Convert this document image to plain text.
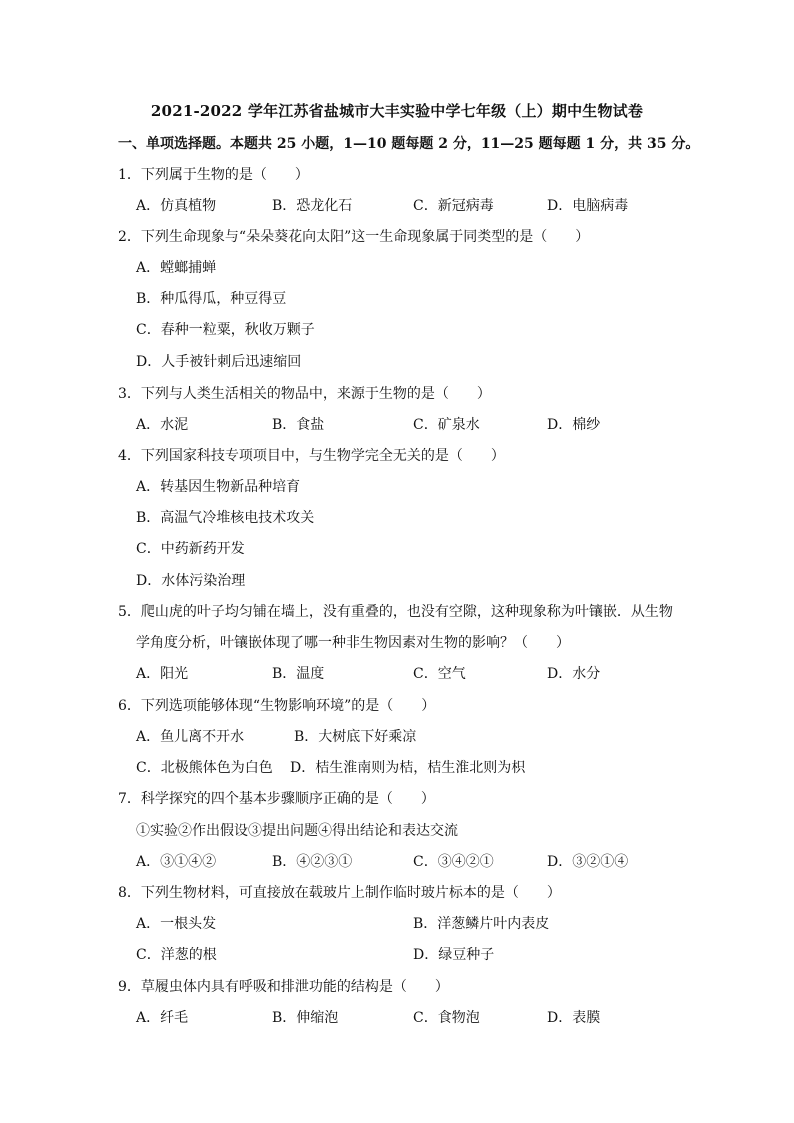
2021-2022 学年江苏省盐城市大丰实验中学七年级（上）期中生物试卷
一、单项选择题。本题共 25 小题，1—10 题每题 2 分，11—25 题每题 1 分，共 35 分。
1．下列属于生物的是（　　）
A．仿真植物	B．恐龙化石	C．新冠病毒	D．电脑病毒
2．下列生命现象与“朵朵葵花向太阳”这一生命现象属于同类型的是（　　）
A．螳螂捕蝉
B．种瓜得瓜，种豆得豆
C．春种一粒粟，秋收万颗子
D．人手被针刺后迅速缩回
3．下列与人类生活相关的物品中，来源于生物的是（　　）
A．水泥	B．食盐	C．矿泉水	D．棉纱
4．下列国家科技专项项目中，与生物学完全无关的是（　　）
A．转基因生物新品种培育
B．高温气冷堆核电技术攻关
C．中药新药开发
D．水体污染治理
5．爬山虎的叶子均匀铺在墙上，没有重叠的，也没有空隙，这种现象称为叶镶嵌．从生物
学角度分析，叶镶嵌体现了哪一种非生物因素对生物的影响？（　　）
A．阳光	B．温度	C．空气	D．水分
6．下列选项能够体现“生物影响环境”的是（　　）
A．鱼儿离不开水	B．大树底下好乘凉
C．北极熊体色为白色 D．桔生淮南则为桔，桔生淮北则为枳
7．科学探究的四个基本步骤顺序正确的是（　　）
①实验②作出假设③提出问题④得出结论和表达交流
A．③①④②	B．④②③①	C．③④②①	D．③②①④
8．下列生物材料，可直接放在载玻片上制作临时玻片标本的是（　　）
A．一根头发	B．洋葱鳞片叶内表皮
C．洋葱的根	D．绿豆种子
9．草履虫体内具有呼吸和排泄功能的结构是（　　）
A．纤毛	B．伸缩泡	C．食物泡	D．表膜
